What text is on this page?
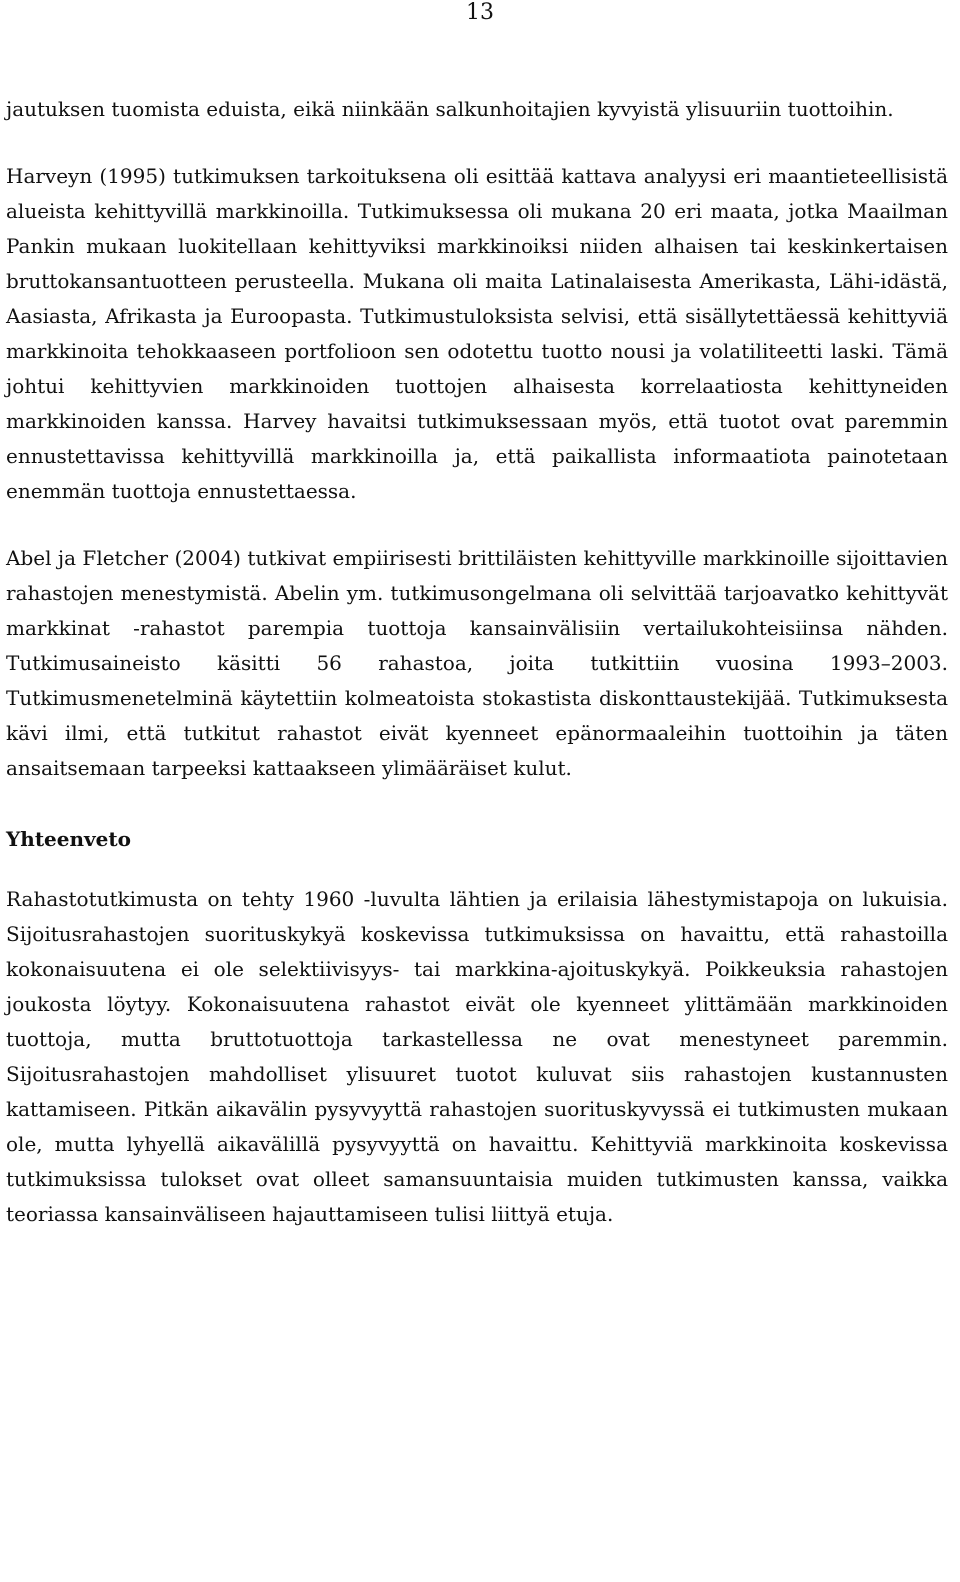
13

jautuksen tuomista eduista, eikä niinkään salkunhoitajien kyvyistä ylisuuriin tuottoihin.

Harveyn (1995) tutkimuksen tarkoituksena oli esittää kattava analyysi eri maantieteellisistä alueista kehittyvillä markkinoilla. Tutkimuksessa oli mukana 20 eri maata, jotka Maailman Pankin mukaan luokitellaan kehittyviksi markkinoiksi niiden alhaisen tai keskinkertaisen bruttokansantuotteen perusteella. Mukana oli maita Latinalaisesta Amerikasta, Lähi-idästä, Aasiasta, Afrikasta ja Euroopasta. Tutkimustuloksista selvisi, että sisällytettäessä kehittyviä markkinoita tehokkaaseen portfolioon sen odotettu tuotto nousi ja volatiliteetti laski. Tämä johtui kehittyvien markkinoiden tuottojen alhaisesta korrelaatiosta kehittyneiden markkinoiden kanssa. Harvey havaitsi tutkimuksessaan myös, että tuotot ovat paremmin ennustettavissa kehittyvillä markkinoilla ja, että paikallista informaatiota painotetaan enemmän tuottoja ennustettaessa.

Abel ja Fletcher (2004) tutkivat empiirisesti brittiläisten kehittyville markkinoille sijoittavien rahastojen menestymistä. Abelin ym. tutkimusongelmana oli selvittää tarjoavatko kehittyvät markkinat -rahastot parempia tuottoja kansainvälisiin vertailukohteisiinsa nähden. Tutkimusaineisto käsitti 56 rahastoa, joita tutkittiin vuosina 1993–2003. Tutkimusmenetelminä käytettiin kolmeatoista stokastista diskonttaustekijää. Tutkimuksesta kävi ilmi, että tutkitut rahastot eivät kyenneet epänormaaleihin tuottoihin ja täten ansaitsemaan tarpeeksi kattaakseen ylimääräiset kulut.

Yhteenveto

Rahastotutkimusta on tehty 1960 -luvulta lähtien ja erilaisia lähestymistapoja on lukuisia. Sijoitusrahastojen suorituskykyä koskevissa tutkimuksissa on havaittu, että rahastoilla kokonaisuutena ei ole selektiivisyys- tai markkina-ajoituskykyä. Poikkeuksia rahastojen joukosta löytyy. Kokonaisuutena rahastot eivät ole kyenneet ylittämään markkinoiden tuottoja, mutta bruttotuottoja tarkastellessa ne ovat menestyneet paremmin. Sijoitusrahastojen mahdolliset ylisuuret tuotot kuluvat siis rahastojen kustannusten kattamiseen. Pitkän aikavälin pysyvyyttä rahastojen suorituskyvyssä ei tutkimusten mukaan ole, mutta lyhyellä aikavälillä pysyvyyttä on havaittu. Kehittyviä markkinoita koskevissa tutkimuksissa tulokset ovat olleet samansuuntaisia muiden tutkimusten kanssa, vaikka teoriassa kansainväliseen hajauttamiseen tulisi liittyä etuja.
